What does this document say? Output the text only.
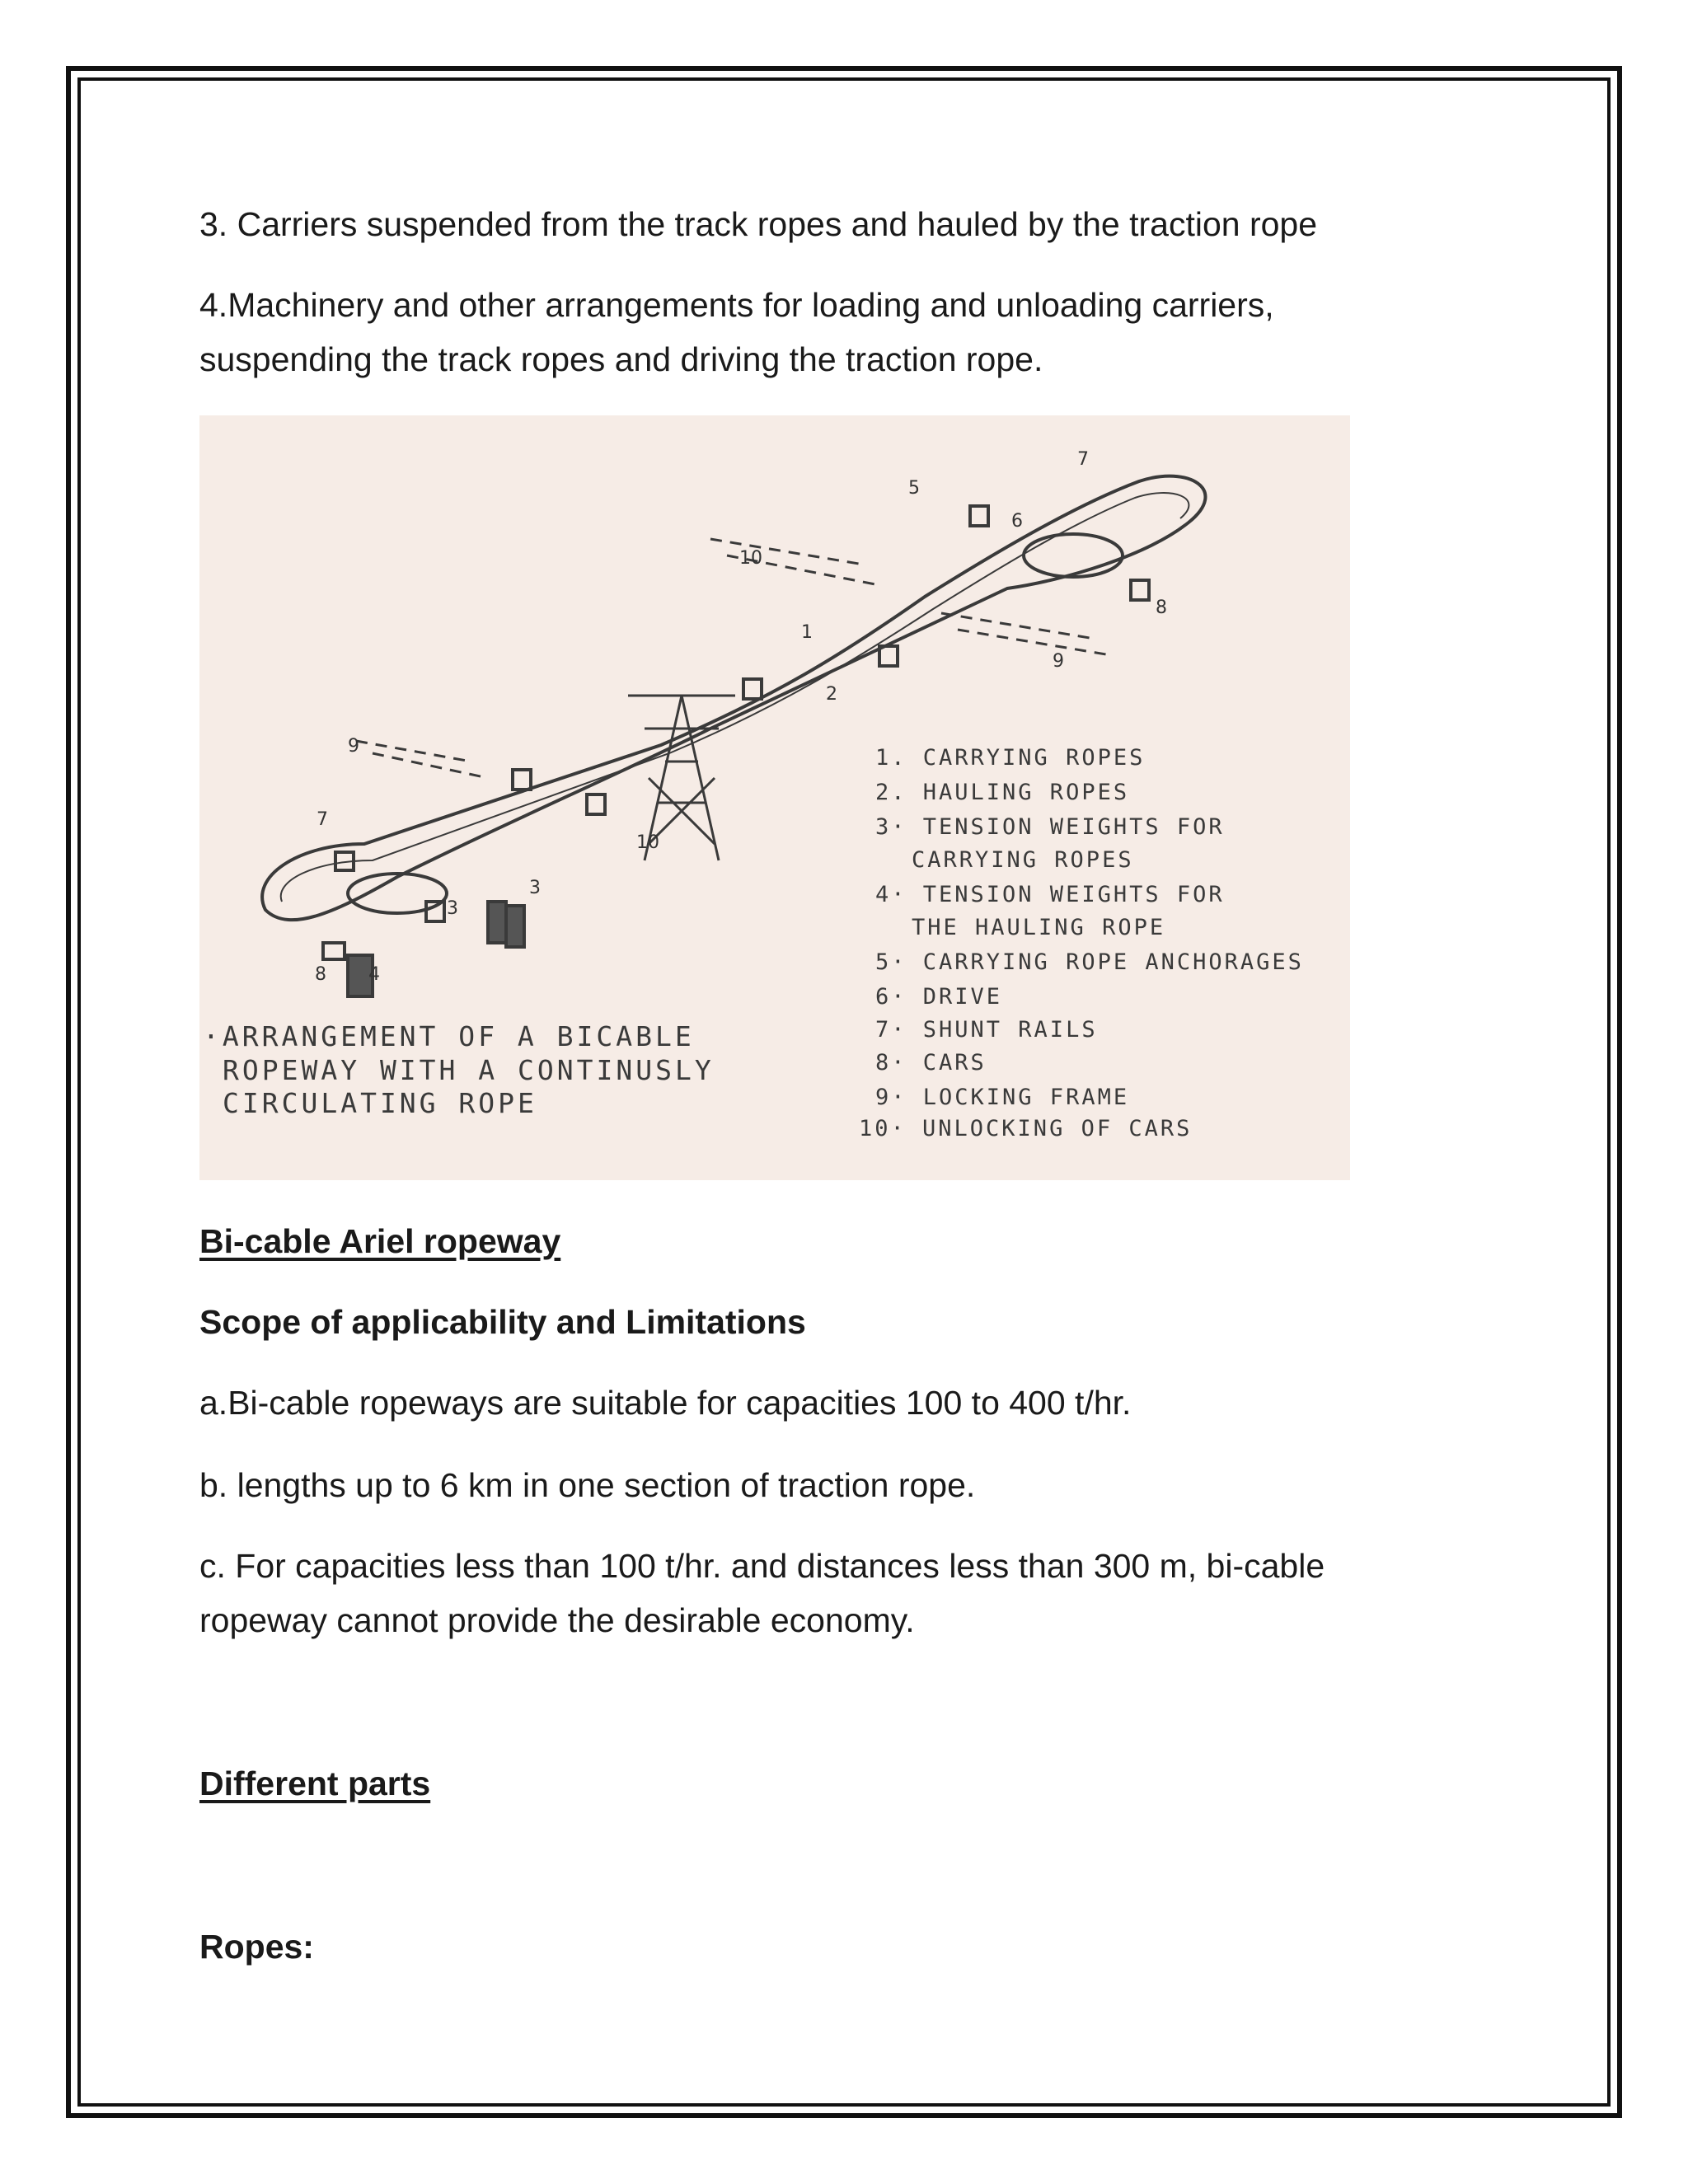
3. Carriers suspended from the track ropes and hauled by the traction rope
4.Machinery and other arrangements for loading and unloading carriers,
suspending the track ropes and driving the traction rope.
7
9
8 4
3
3
10
2
1
10
5
6
7
8
9
·ARRANGEMENT OF A BICABLE
ROPEWAY WITH A CONTINUSLY
CIRCULATING ROPE
1. CARRYING ROPES
2. HAULING ROPES
3· TENSION WEIGHTS FOR
CARRYING ROPES
4· TENSION WEIGHTS FOR
THE HAULING ROPE
5· CARRYING ROPE ANCHORAGES
6· DRIVE
7· SHUNT RAILS
8· CARS
9· LOCKING FRAME
10· UNLOCKING OF CARS
Bi-cable Ariel ropeway
Scope of applicability and Limitations
a.Bi-cable ropeways are suitable for capacities 100 to 400 t/hr.
b. lengths up to 6 km in one section of traction rope.
c. For capacities less than 100 t/hr. and distances less than 300 m, bi-cable
ropeway cannot provide the desirable economy.
Different parts
Ropes:
